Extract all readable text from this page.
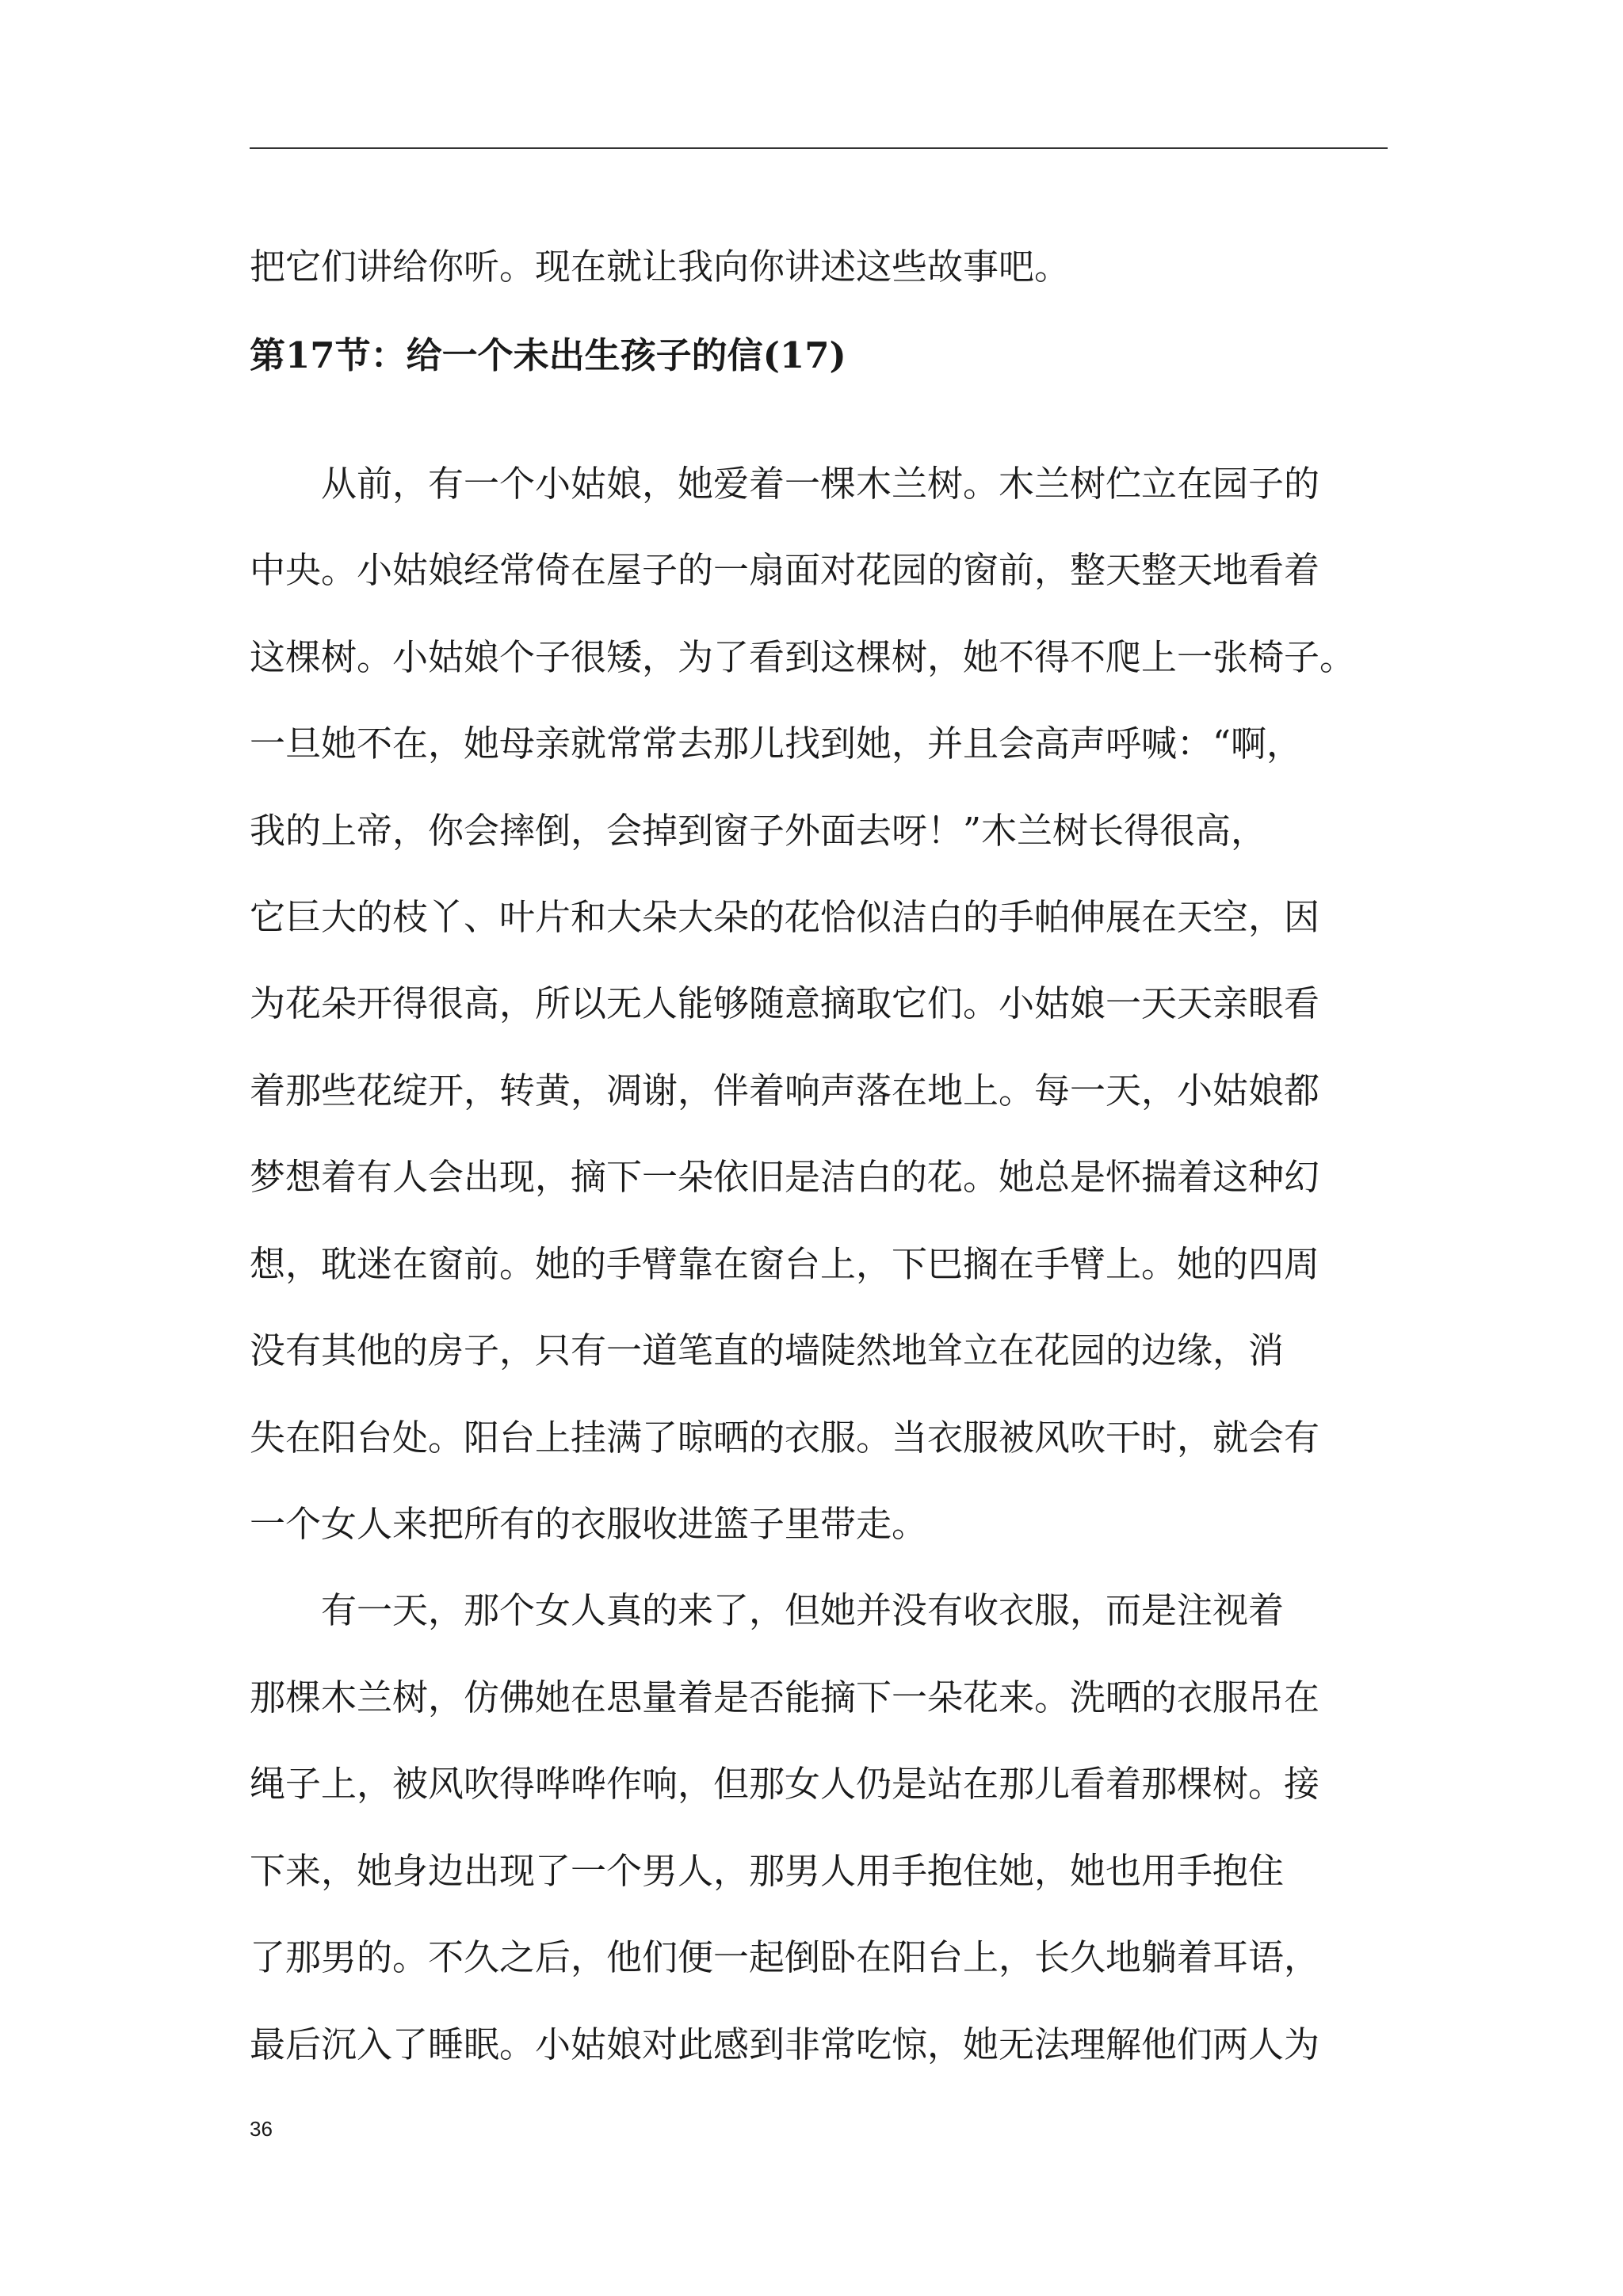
把它们讲给你听。现在就让我向你讲述这些故事吧。
第17节：给一个未出生孩子的信(17)
从前，有一个小姑娘，她爱着一棵木兰树。木兰树伫立在园子的
中央。小姑娘经常倚在屋子的一扇面对花园的窗前，整天整天地看着
这棵树。小姑娘个子很矮，为了看到这棵树，她不得不爬上一张椅子。
一旦她不在，她母亲就常常去那儿找到她，并且会高声呼喊：“啊，
我的上帝，你会摔倒，会掉到窗子外面去呀！”木兰树长得很高，
它巨大的枝丫、叶片和大朵大朵的花恰似洁白的手帕伸展在天空，因
为花朵开得很高，所以无人能够随意摘取它们。小姑娘一天天亲眼看
着那些花绽开，转黄，凋谢，伴着响声落在地上。每一天，小姑娘都
梦想着有人会出现，摘下一朵依旧是洁白的花。她总是怀揣着这种幻
想，耽迷在窗前。她的手臂靠在窗台上，下巴搁在手臂上。她的四周
没有其他的房子，只有一道笔直的墙陡然地耸立在花园的边缘，消
失在阳台处。阳台上挂满了晾晒的衣服。当衣服被风吹干时，就会有
一个女人来把所有的衣服收进篮子里带走。
有一天，那个女人真的来了，但她并没有收衣服，而是注视着
那棵木兰树，仿佛她在思量着是否能摘下一朵花来。洗晒的衣服吊在
绳子上，被风吹得哗哗作响，但那女人仍是站在那儿看着那棵树。接
下来，她身边出现了一个男人，那男人用手抱住她，她也用手抱住
了那男的。不久之后，他们便一起倒卧在阳台上，长久地躺着耳语，
最后沉入了睡眠。小姑娘对此感到非常吃惊，她无法理解他们两人为
36
